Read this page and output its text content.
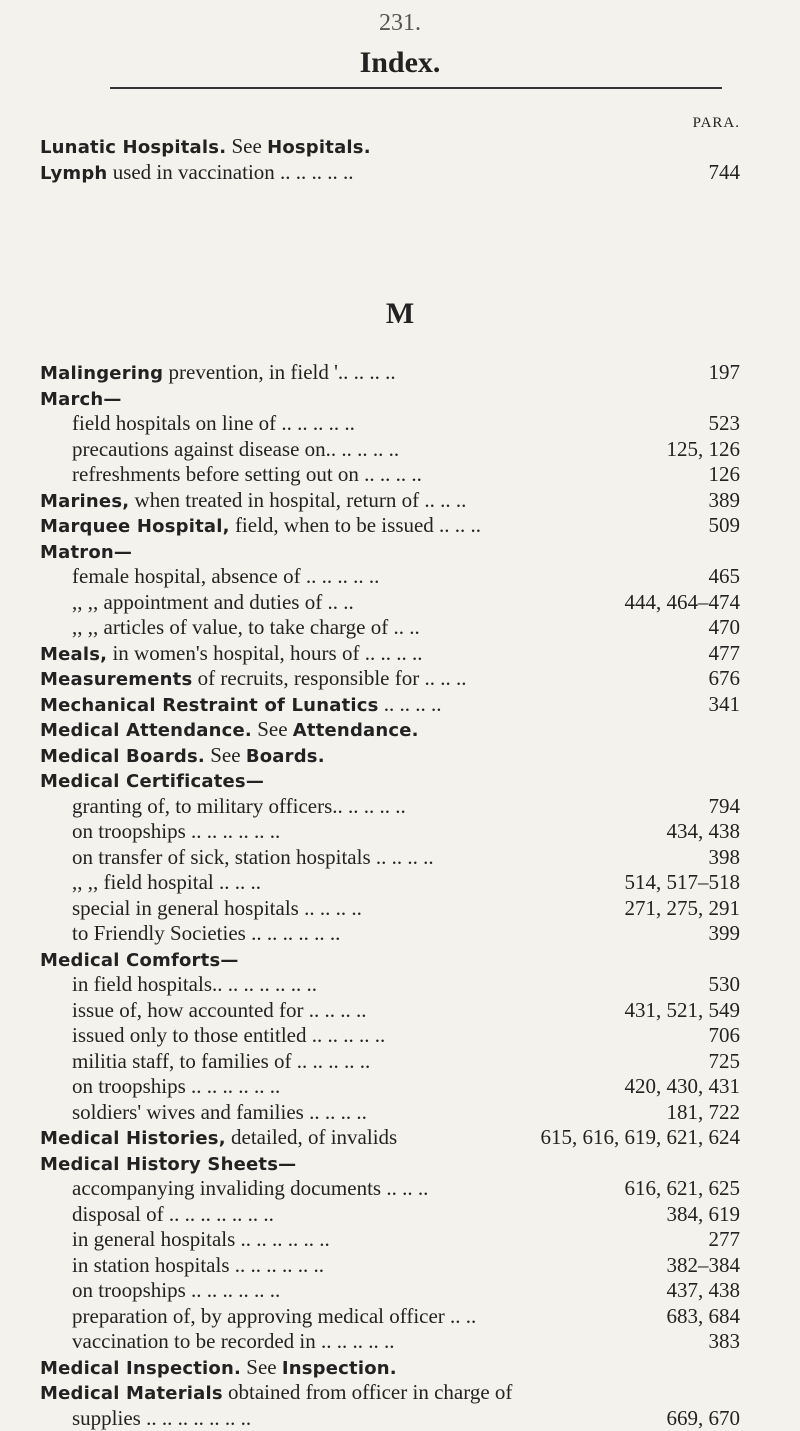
231.
Index.
PARA.
Lunatic Hospitals. See Hospitals.
Lymph used in vaccination .. .. .. .. ..	744
M
Malingering prevention, in field '.. .. .. ..	197
March—
field hospitals on line of .. .. .. .. ..	523
precautions against disease on.. .. .. .. ..	125, 126
refreshments before setting out on .. .. .. ..	126
Marines, when treated in hospital, return of .. .. ..	389
Marquee Hospital, field, when to be issued .. .. ..	509
Matron—
female hospital, absence of .. .. .. .. ..	465
,, ,, appointment and duties of .. ..	444, 464–474
,, ,, articles of value, to take charge of .. ..	470
Meals, in women's hospital, hours of .. .. .. ..	477
Measurements of recruits, responsible for .. .. ..	676
Mechanical Restraint of Lunatics .. .. .. ..	341
Medical Attendance. See Attendance.
Medical Boards. See Boards.
Medical Certificates—
granting of, to military officers.. .. .. .. ..	794
on troopships .. .. .. .. .. ..	434, 438
on transfer of sick, station hospitals .. .. .. ..	398
,, ,, field hospital .. .. ..	514, 517–518
special in general hospitals .. .. .. ..	271, 275, 291
to Friendly Societies .. .. .. .. .. ..	399
Medical Comforts—
in field hospitals.. .. .. .. .. .. ..	530
issue of, how accounted for .. .. .. ..	431, 521, 549
issued only to those entitled .. .. .. .. ..	706
militia staff, to families of .. .. .. .. ..	725
on troopships .. .. .. .. .. ..	420, 430, 431
soldiers' wives and families .. .. .. ..	181, 722
Medical Histories, detailed, of invalids	615, 616, 619, 621, 624
Medical History Sheets—
accompanying invaliding documents .. .. ..	616, 621, 625
disposal of .. .. .. .. .. .. ..	384, 619
in general hospitals .. .. .. .. .. ..	277
in station hospitals .. .. .. .. .. ..	382–384
on troopships .. .. .. .. .. ..	437, 438
preparation of, by approving medical officer .. ..	683, 684
vaccination to be recorded in .. .. .. .. ..	383
Medical Inspection. See Inspection.
Medical Materials obtained from officer in charge of
supplies .. .. .. .. .. .. ..	669, 670
